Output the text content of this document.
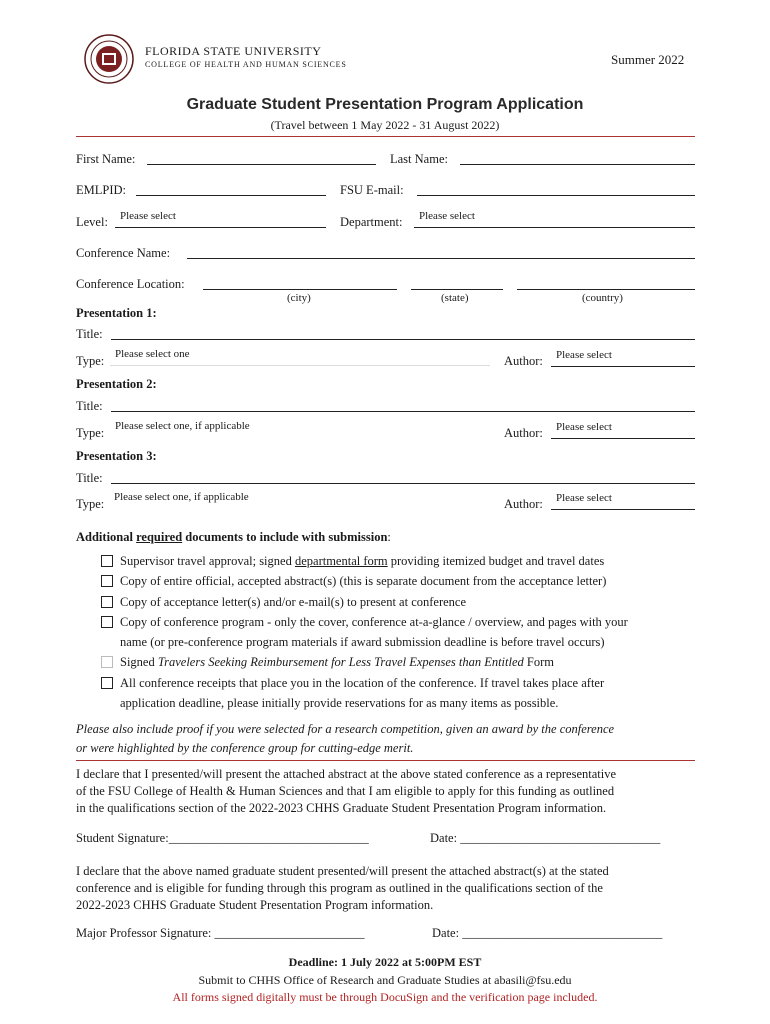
FLORIDA STATE UNIVERSITY
COLLEGE OF HEALTH AND HUMAN SCIENCES	Summer 2022
Graduate Student Presentation Program Application
(Travel between 1 May 2022 - 31 August 2022)
First Name:	Last Name:
EMLPID:	FSU E-mail:
Level: Please select	Department: Please select
Conference Name:
Conference Location:
(city)	(state)	(country)
Presentation 1:
Title:
Type: Please select one	Author: Please select
Presentation 2:
Title:
Type: Please select one, if applicable	Author: Please select
Presentation 3:
Title:
Type: Please select one, if applicable	Author: Please select
Additional required documents to include with submission:
Supervisor travel approval; signed departmental form providing itemized budget and travel dates
Copy of entire official, accepted abstract(s) (this is separate document from the acceptance letter)
Copy of acceptance letter(s) and/or e-mail(s) to present at conference
Copy of conference program - only the cover, conference at-a-glance / overview, and pages with your
name (or pre-conference program materials if award submission deadline is before travel occurs)
Signed Travelers Seeking Reimbursement for Less Travel Expenses than Entitled Form
All conference receipts that place you in the location of the conference. If travel takes place after
application deadline, please initially provide reservations for as many items as possible.
Please also include proof if you were selected for a research competition, given an award by the conference
or were highlighted by the conference group for cutting-edge merit.
I declare that I presented/will present the attached abstract at the above stated conference as a representative
of the FSU College of Health & Human Sciences and that I am eligible to apply for this funding as outlined
in the qualifications section of the 2022-2023 CHHS Graduate Student Presentation Program information.
Student Signature:________________________________	Date: ________________________________
I declare that the above named graduate student presented/will present the attached abstract(s) at the stated
conference and is eligible for funding through this program as outlined in the qualifications section of the
2022-2023 CHHS Graduate Student Presentation Program information.
Major Professor Signature: ________________________	Date: ________________________________
Deadline: 1 July 2022 at 5:00PM EST
Submit to CHHS Office of Research and Graduate Studies at abasili@fsu.edu
All forms signed digitally must be through DocuSign and the verification page included.
